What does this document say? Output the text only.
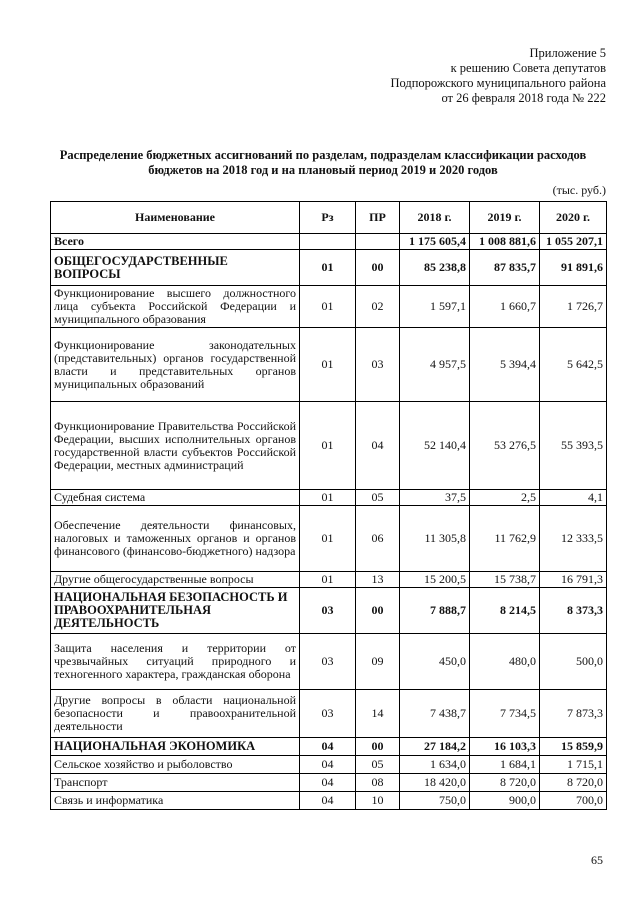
Приложение 5
к решению Совета депутатов
Подпорожского муниципального района
от 26 февраля 2018 года № 222
Распределение бюджетных ассигнований по разделам, подразделам классификации расходов
бюджетов на 2018 год и на плановый период 2019 и 2020 годов
(тыс. руб.)
Наименование	Рз	ПР	2018 г.	2019 г.	2020 г.
Всего			1 175 605,4	1 008 881,6	1 055 207,1
ОБЩЕГОСУДАРСТВЕННЫЕ ВОПРОСЫ	01	00	85 238,8	87 835,7	91 891,6
Функционирование высшего должностного лица субъекта Российской Федерации и муниципального образования	01	02	1 597,1	1 660,7	1 726,7
Функционирование законодательных (представительных) органов государственной власти и представительных органов муниципальных образований	01	03	4 957,5	5 394,4	5 642,5
Функционирование Правительства Российской Федерации, высших исполнительных органов государственной власти субъектов Российской Федерации, местных администраций	01	04	52 140,4	53 276,5	55 393,5
Судебная система	01	05	37,5	2,5	4,1
Обеспечение деятельности финансовых, налоговых и таможенных органов и органов финансового (финансово-бюджетного) надзора	01	06	11 305,8	11 762,9	12 333,5
Другие общегосударственные вопросы	01	13	15 200,5	15 738,7	16 791,3
НАЦИОНАЛЬНАЯ БЕЗОПАСНОСТЬ И ПРАВООХРАНИТЕЛЬНАЯ ДЕЯТЕЛЬНОСТЬ	03	00	7 888,7	8 214,5	8 373,3
Защита населения и территории от чрезвычайных ситуаций природного и техногенного характера, гражданская оборона	03	09	450,0	480,0	500,0
Другие вопросы в области национальной безопасности и правоохранительной деятельности	03	14	7 438,7	7 734,5	7 873,3
НАЦИОНАЛЬНАЯ ЭКОНОМИКА	04	00	27 184,2	16 103,3	15 859,9
Сельское хозяйство и рыболовство	04	05	1 634,0	1 684,1	1 715,1
Транспорт	04	08	18 420,0	8 720,0	8 720,0
Связь и информатика	04	10	750,0	900,0	700,0
65
